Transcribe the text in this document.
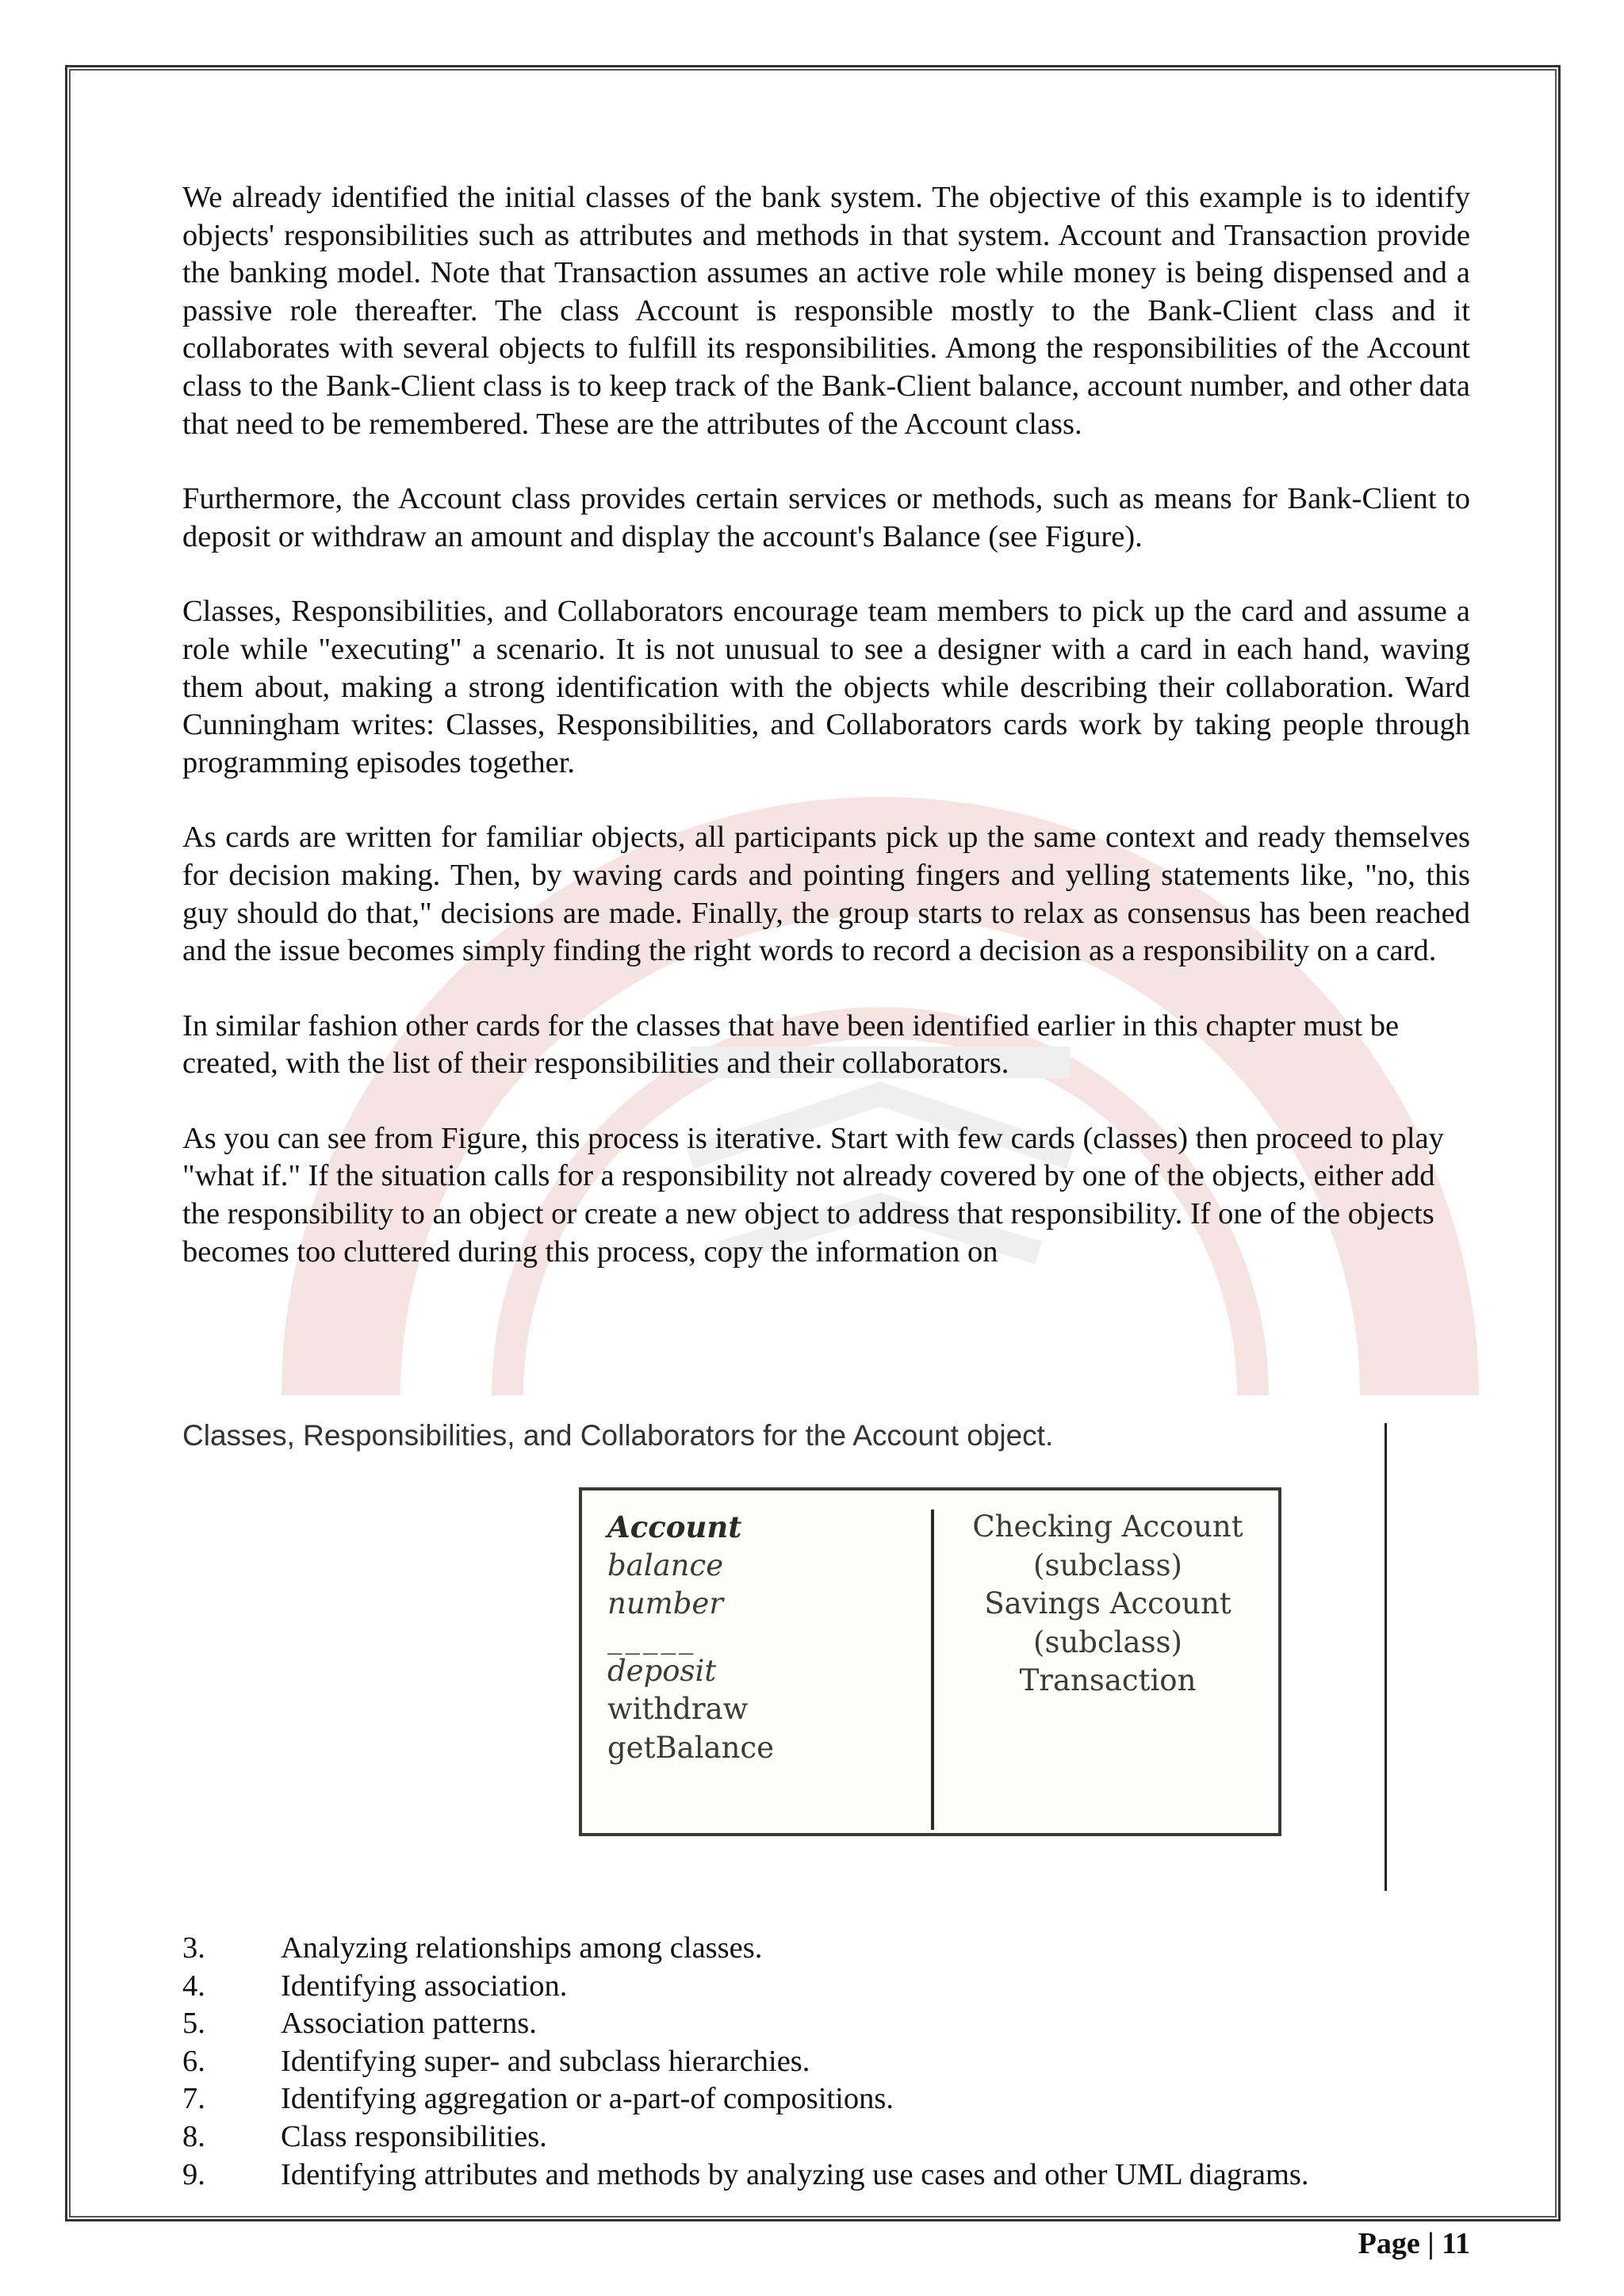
We already identified the initial classes of the bank system. The objective of this example is to identify objects' responsibilities such as attributes and methods in that system. Account and Transaction provide the banking model. Note that Transaction assumes an active role while money is being dispensed and a passive role thereafter. The class Account is responsible mostly to the Bank-Client class and it collaborates with several objects to fulfill its responsibilities. Among the responsibilities of the Account class to the Bank-Client class is to keep track of the Bank-Client balance, account number, and other data that need to be remembered. These are the attributes of the Account class.

Furthermore, the Account class provides certain services or methods, such as means for Bank-Client to deposit or withdraw an amount and display the account's Balance (see Figure).

Classes, Responsibilities, and Collaborators encourage team members to pick up the card and assume a role while "executing" a scenario. It is not unusual to see a designer with a card in each hand, waving them about, making a strong identification with the objects while describing their collaboration. Ward Cunningham writes: Classes, Responsibilities, and Collaborators cards work by taking people through programming episodes together.

As cards are written for familiar objects, all participants pick up the same context and ready themselves for decision making. Then, by waving cards and pointing fingers and yelling statements like, "no, this guy should do that," decisions are made. Finally, the group starts to relax as consensus has been reached and the issue becomes simply finding the right words to record a decision as a responsibility on a card.

In similar fashion other cards for the classes that have been identified earlier in this chapter must be created, with the list of their responsibilities and their collaborators.

As you can see from Figure, this process is iterative. Start with few cards (classes) then proceed to play "what if." If the situation calls for a responsibility not already covered by one of the objects, either add the responsibility to an object or create a new object to address that responsibility. If one of the objects becomes too cluttered during this process, copy the information on

Classes, Responsibilities, and Collaborators for the Account object.
Account
balance
number
_____
deposit
withdraw
getBalance
Checking Account
(subclass)
Savings Account
(subclass)
Transaction
3.	Analyzing relationships among classes.
4.	Identifying association.
5.	Association patterns.
6.	Identifying super- and subclass hierarchies.
7.	Identifying aggregation or a-part-of compositions.
8.	Class responsibilities.
9.	Identifying attributes and methods by analyzing use cases and other UML diagrams.
Page | 11
